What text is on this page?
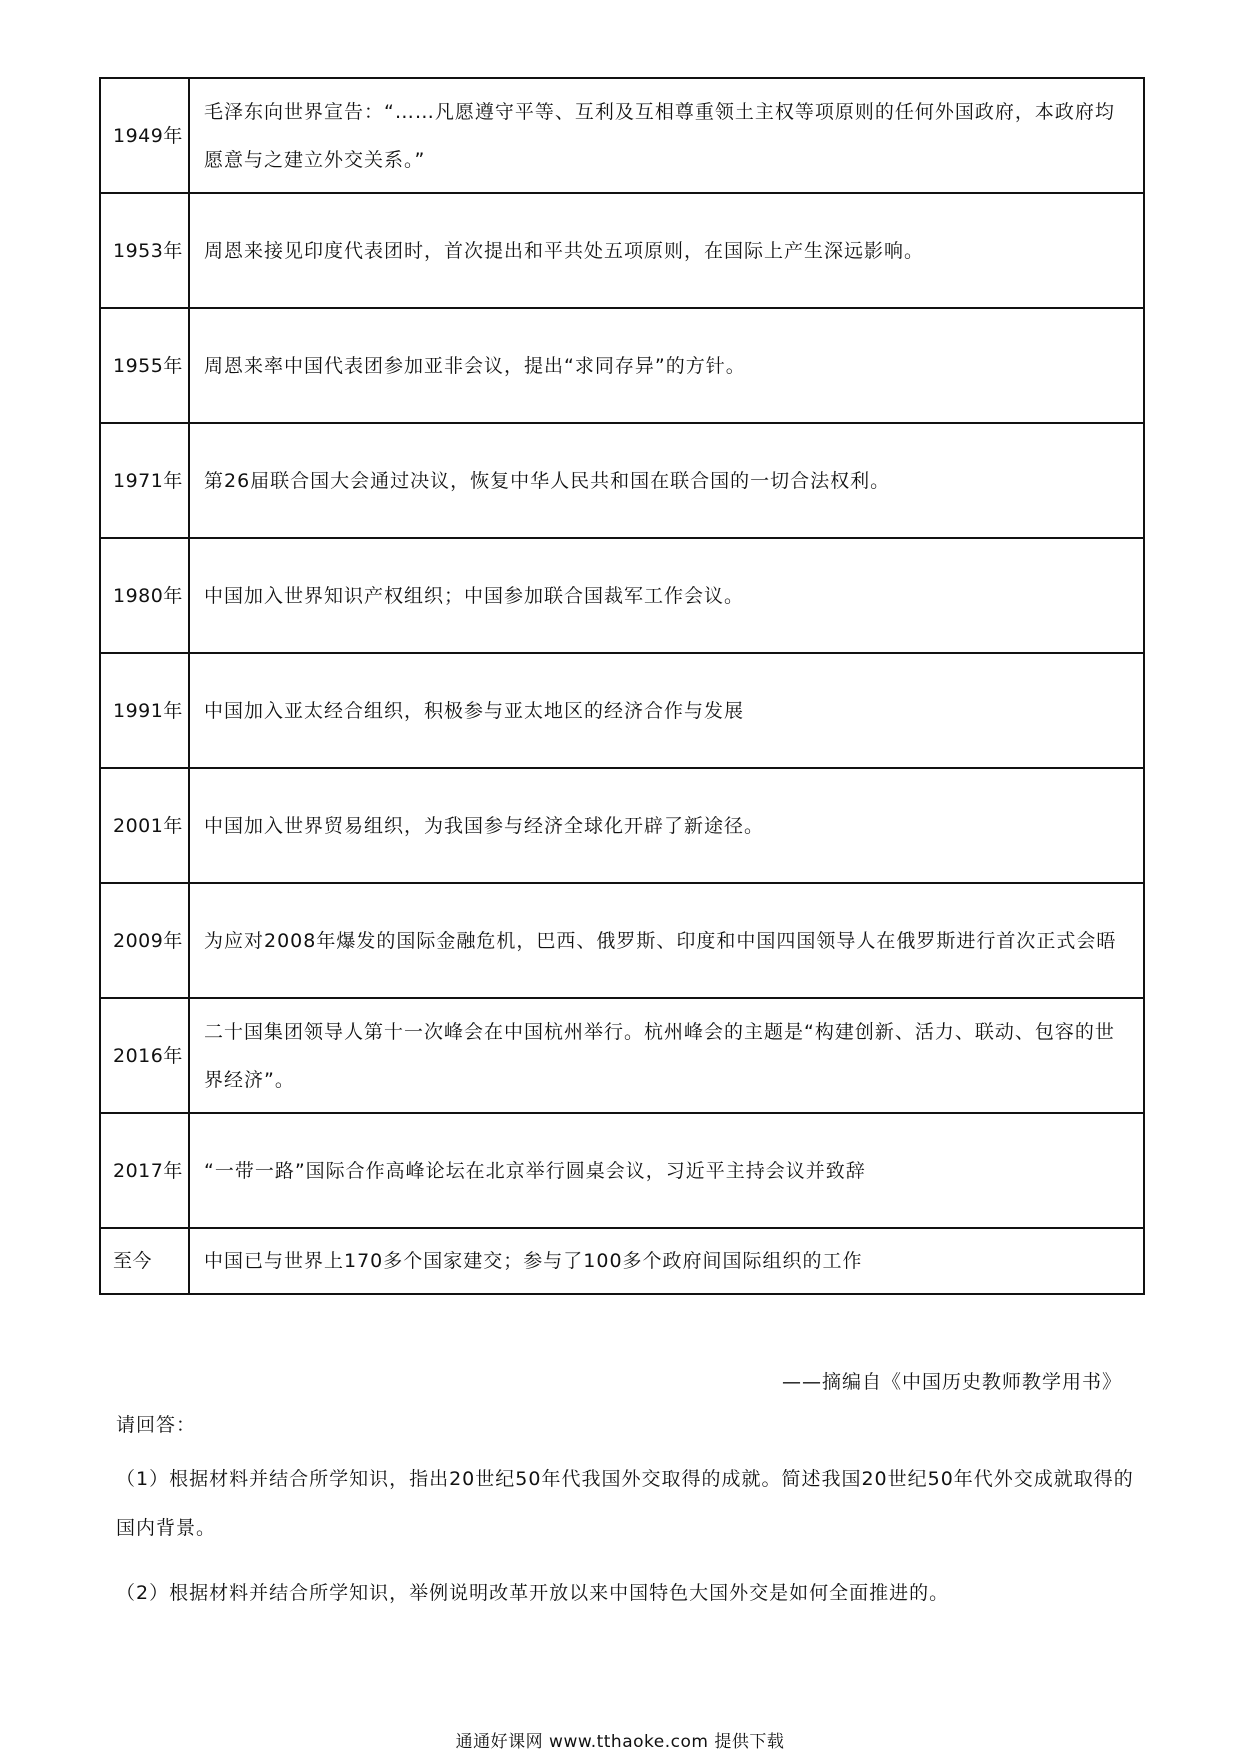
1949年	毛泽东向世界宣告：“……凡愿遵守平等、互利及互相尊重领土主权等项原则的任何外国政府，本政府均愿意与之建立外交关系。”
1953年	周恩来接见印度代表团时，首次提出和平共处五项原则，在国际上产生深远影响。
1955年	周恩来率中国代表团参加亚非会议，提出“求同存异”的方针。
1971年	第26届联合国大会通过决议，恢复中华人民共和国在联合国的一切合法权利。
1980年	中国加入世界知识产权组织；中国参加联合国裁军工作会议。
1991年	中国加入亚太经合组织，积极参与亚太地区的经济合作与发展
2001年	中国加入世界贸易组织，为我国参与经济全球化开辟了新途径。
2009年	为应对2008年爆发的国际金融危机，巴西、俄罗斯、印度和中国四国领导人在俄罗斯进行首次正式会晤
2016年	二十国集团领导人第十一次峰会在中国杭州举行。杭州峰会的主题是“构建创新、活力、联动、包容的世界经济”。
2017年	“一带一路”国际合作高峰论坛在北京举行圆桌会议，习近平主持会议并致辞
至今	中国已与世界上170多个国家建交；参与了100多个政府间国际组织的工作
——摘编自《中国历史教师教学用书》
请回答：
（1）根据材料并结合所学知识，指出20世纪50年代我国外交取得的成就。简述我国20世纪50年代外交成就取得的国内背景。
（2）根据材料并结合所学知识，举例说明改革开放以来中国特色大国外交是如何全面推进的。
通通好课网 www.tthaoke.com 提供下载
